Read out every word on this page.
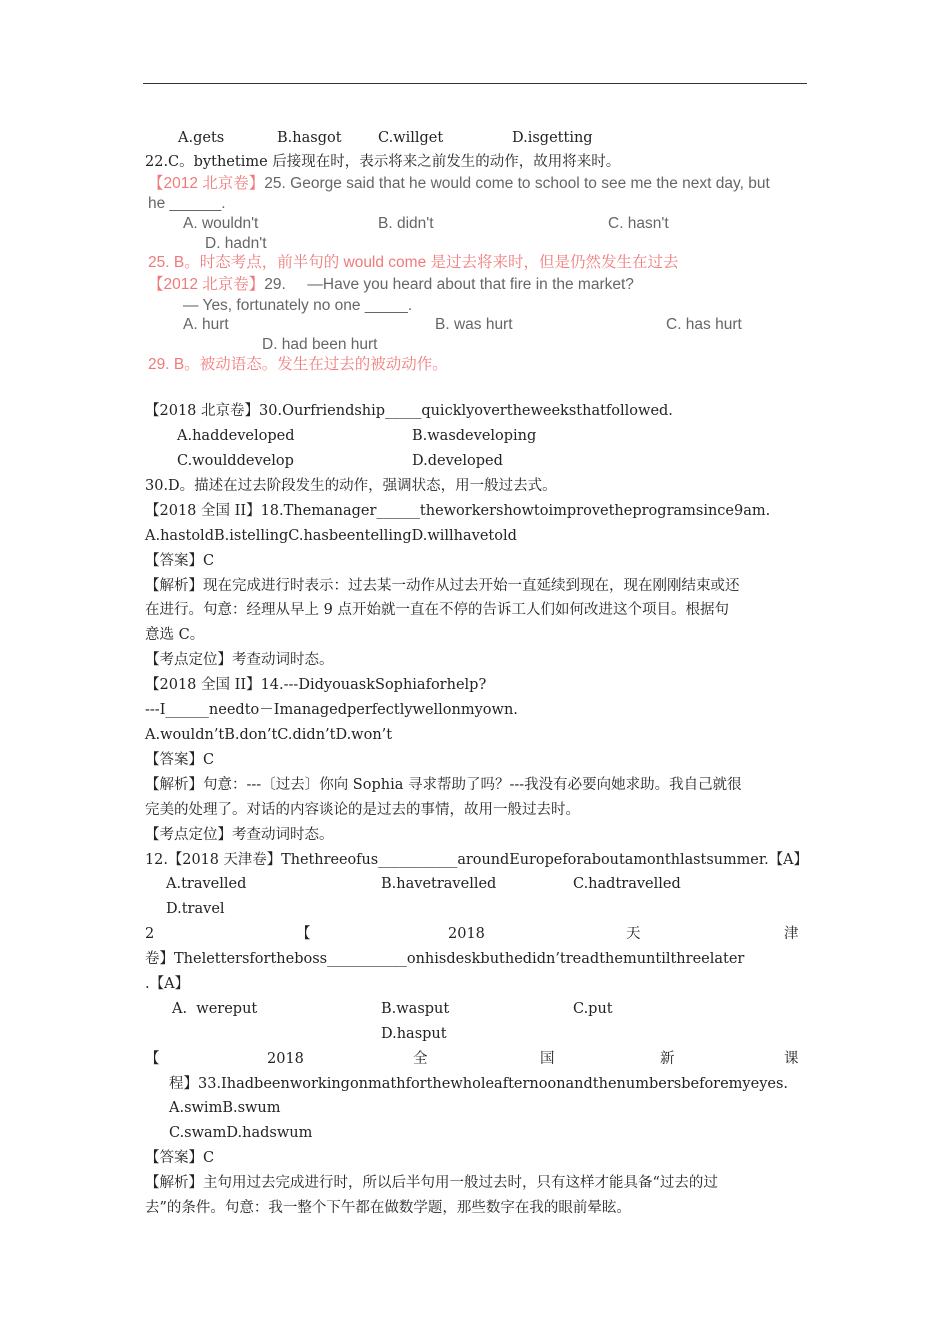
A.gets	B.hasgot	C.willget	D.isgetting
22.C。bythetime 后接现在时，表示将来之前发生的动作，故用将来时。
【2012 北京卷】25. George said that he would come to school to see me the next day, but
he ______.
A. wouldn't	B. didn't	C. hasn't
D. hadn't
25. B。时态考点，前半句的 would come 是过去将来时，但是仍然发生在过去
【2012 北京卷】29.     —Have you heard about that fire in the market?
— Yes, fortunately no one _____.
A. hurt	B. was hurt	C. has hurt
D. had been hurt
29. B。被动语态。发生在过去的被动动作。
【2018 北京卷】30.Ourfriendship_____quicklyovertheweeksthatfollowed.
A.haddeveloped	B.wasdeveloping
C.woulddevelop	D.developed
30.D。描述在过去阶段发生的动作，强调状态，用一般过去式。
【2018 全国 II】18.Themanager______theworkershowtoimprovetheprogramsince9am.
A.hastoldB.istellingC.hasbeentellingD.willhavetold
【答案】C
【解析】现在完成进行时表示：过去某一动作从过去开始一直延续到现在，现在刚刚结束或还
在进行。句意：经理从早上 9 点开始就一直在不停的告诉工人们如何改进这个项目。根据句
意选 C。
【考点定位】考查动词时态。
【2018 全国 II】14.---DidyouaskSophiaforhelp?
---I______needto－Imanagedperfectlywellonmyown.
A.wouldn’tB.don’tC.didn’tD.won’t
【答案】C
【解析】句意：---〔过去〕你向 Sophia 寻求帮助了吗？---我没有必要向她求助。我自己就很
完美的处理了。对话的内容谈论的是过去的事情，故用一般过去时。
【考点定位】考查动词时态。
12.【2018 天津卷】Thethreeofus___________aroundEuropeforaboutamonthlastsummer.【A】
A.travelled	B.havetravelled	C.hadtravelled
D.travel
2	【	2018	天	津
卷】Thelettersfortheboss___________onhisdeskbuthedidn’treadthemuntilthreelater
.【A】
A.  wereput	B.wasput	C.put
D.hasput
【	2018	全	国	新	课
程】33.Ihadbeenworkingonmathforthewholeafternoonandthenumbersbeforemyeyes.
A.swimB.swum
C.swamD.hadswum
【答案】C
【解析】主句用过去完成进行时，所以后半句用一般过去时，只有这样才能具备“过去的过
去”的条件。句意：我一整个下午都在做数学题，那些数字在我的眼前晕眩。
